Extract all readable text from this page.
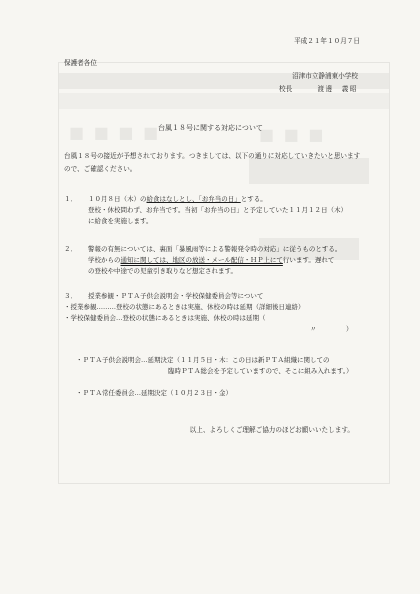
■ ■ ■ ■	■ ■ ■
平成２１年１０月７日
保護者各位
沼津市立静浦東小学校
校長	渡邊　義昭
台風１８号に関する対応について
台風１８号の接近が予想されております。つきましては、以下の通りに対応していきたいと思いますので、ご確認ください。
１． １０月８日（木）の給食はなしとし、「お弁当の日」とする。
登校・休校問わず、お弁当です。当初「お弁当の日」と予定していた１１月１２日（木）
に給食を実施します。
２． 警報の有無については、裏面「暴風雨等による警報発令時の対応」に従うものとする。
学校からの通知に関しては、地区の放送・メール配信・ＨＰ上にて行います。遅れて
の登校や中途での児童引き取りなど想定されます。
３． 授業参観・ＰＴＡ子供会説明会・学校保健委員会等について
・授業参観………登校の状態にあるときは実施、休校の時は延期（詳細後日連絡）
・学校保健委員会…登校の状態にあるときは実施、休校の時は延期（
〃	）
・ＰＴＡ子供会説明会…延期決定（１１月５日・木：この日は新ＰＴＡ組織に関しての
臨時ＰＴＡ総会を予定していますので、そこに組み入れます。）
・ＰＴＡ常任委員会…延期決定（１０月２３日・金）
以上、よろしくご理解ご協力のほどお願いいたします。
